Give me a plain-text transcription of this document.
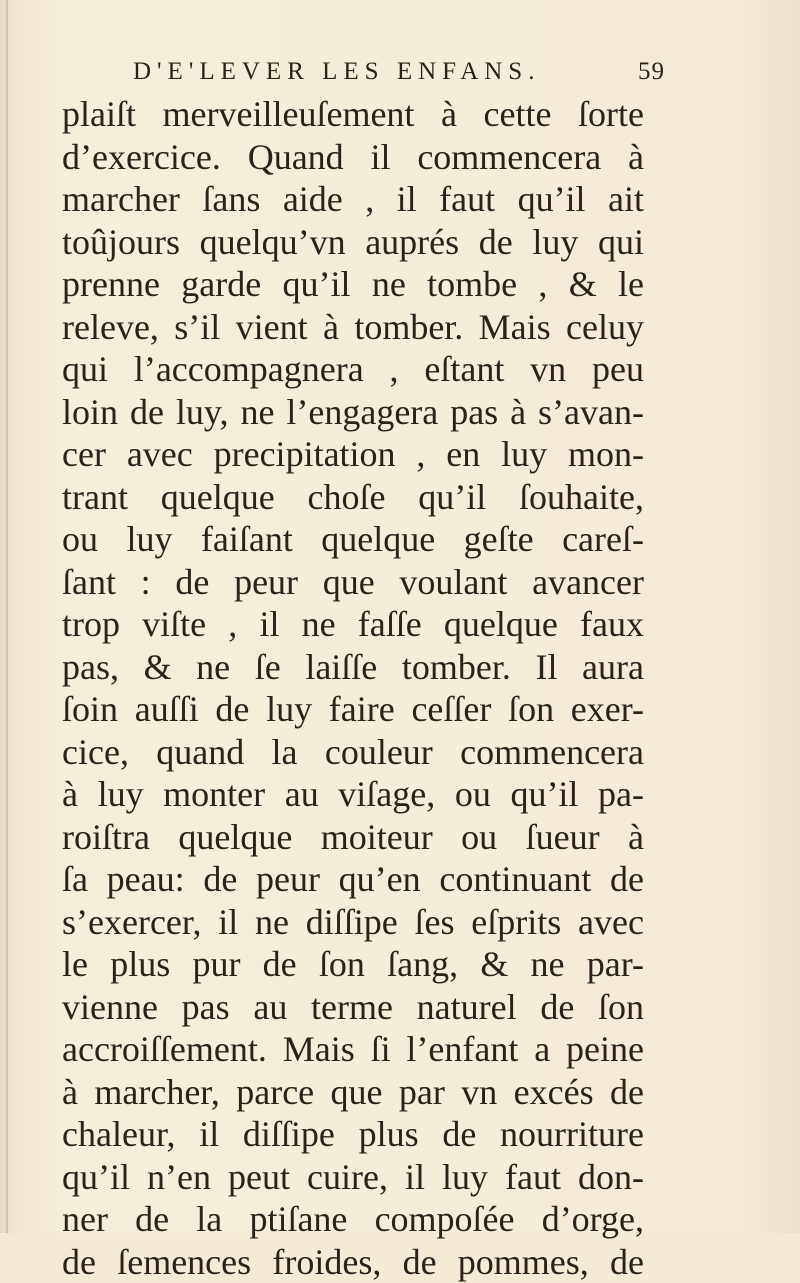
D'E'LEVER LES ENFANS.	59
plaiſt merveilleuſement à cette ſorte
d’exercice. Quand il commencera à
marcher ſans aide , il faut qu’il ait
toûjours quelqu’vn auprés de luy qui
prenne garde qu’il ne tombe , & le
releve, s’il vient à tomber. Mais celuy
qui l’accompagnera , eſtant vn peu
loin de luy, ne l’engagera pas à s’avan-
cer avec precipitation , en luy mon-
trant quelque choſe qu’il ſouhaite,
ou luy faiſant quelque geſte careſ-
ſant : de peur que voulant avancer
trop viſte , il ne faſſe quelque faux
pas, & ne ſe laiſſe tomber. Il aura
ſoin auſſi de luy faire ceſſer ſon exer-
cice, quand la couleur commencera
à luy monter au viſage, ou qu’il pa-
roiſtra quelque moiteur ou ſueur à
ſa peau: de peur qu’en continuant de
s’exercer, il ne diſſipe ſes eſprits avec
le plus pur de ſon ſang, & ne par-
vienne pas au terme naturel de ſon
accroiſſement. Mais ſi l’enfant a peine
à marcher, parce que par vn excés de
chaleur, il diſſipe plus de nourriture
qu’il n’en peut cuire, il luy faut don-
ner de la ptiſane compoſée d’orge,
de ſemences froides, de pommes, de
